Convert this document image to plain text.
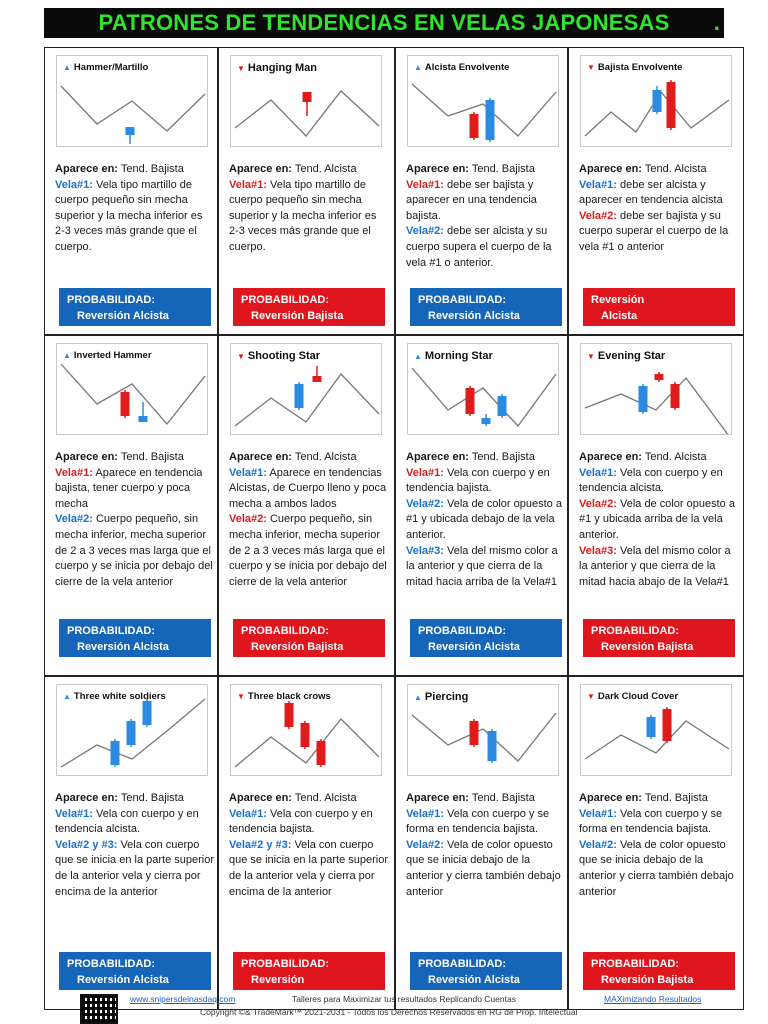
PATRONES DE TENDENCIAS EN VELAS JAPONESAS .
▲ Hammer/Martillo
Aparece en: Tend. Bajista
Vela#1: Vela tipo martillo de cuerpo pequeño sin mecha superior y la mecha inferior es 2-3 veces más grande que el cuerpo.
PROBABILIDAD:
Reversión Alcista
▼ Hanging Man
Aparece en: Tend. Alcista
Vela#1: Vela tipo martillo de cuerpo pequeño sin mecha superior y la mecha inferior es 2-3 veces más grande que el cuerpo.
PROBABILIDAD:
Reversión Bajista
▲ Alcista Envolvente
Aparece en: Tend. Bajista
Vela#1: debe ser bajista y aparecer en una tendencia bajista.
Vela#2: debe ser alcista y su cuerpo supera el cuerpo de la vela #1 o anterior.
PROBABILIDAD:
Reversión Alcista
▼ Bajista Envolvente
Aparece en: Tend. Alcista
Vela#1: debe ser alcista y aparecer en tendencia alcista
Vela#2: debe ser bajista y su cuerpo superar el cuerpo de la vela #1 o anterior
Reversión
Alcista
▲ Inverted Hammer
Aparece en: Tend. Bajista
Vela#1: Aparece en tendencia bajista, tener cuerpo y poca mecha
Vela#2: Cuerpo pequeño, sin mecha inferior, mecha superior de 2 a 3 veces mas larga que el cuerpo y se inicia por debajo del cierre de la vela anterior
PROBABILIDAD:
Reversión Alcista
▼ Shooting Star
Aparece en: Tend. Alcista
Vela#1: Aparece en tendencias Alcistas, de Cuerpo lleno y poca mecha a ambos lados
Vela#2: Cuerpo pequeño, sin mecha inferior, mecha superior de 2 a 3 veces más larga que el cuerpo y se inicia por debajo del cierre de la vela anterior
PROBABILIDAD:
Reversión Bajista
▲ Morning Star
Aparece en: Tend. Bajista
Vela#1: Vela con cuerpo y en tendencia bajista.
Vela#2: Vela de color opuesto a #1 y ubicada debajo de la vela anterior.
Vela#3: Vela del mismo color a la anterior y que cierra de la mitad hacia arriba de la Vela#1
PROBABILIDAD:
Reversión Alcista
▼ Evening Star
Aparece en: Tend. Alcista
Vela#1: Vela con cuerpo y en tendencia alcista.
Vela#2: Vela de color opuesto a #1 y ubicada arriba de la vela anterior.
Vela#3: Vela del mismo color a la anterior y que cierra de la mitad hacia abajo de la Vela#1
PROBABILIDAD:
Reversión Bajista
▲ Three white soldiers
Aparece en: Tend. Bajista
Vela#1: Vela con cuerpo y en tendencia alcista.
Vela#2 y #3: Vela con cuerpo que se inicia en la parte superior de la anterior vela y cierra por encima de la anterior
PROBABILIDAD:
Reversión Alcista
▼ Three black crows
Aparece en: Tend. Alcista
Vela#1: Vela con cuerpo y en tendencia bajista.
Vela#2 y #3: Vela con cuerpo que se inicia en la parte superior de la anterior vela y cierra por encima de la anterior
PROBABILIDAD:
Reversión
▲ Piercing
Aparece en: Tend. Bajista
Vela#1: Vela con cuerpo y se forma en tendencia bajista.
Vela#2: Vela de color opuesto que se inicia debajo de la anterior y cierra también debajo anterior
PROBABILIDAD:
Reversión Alcista
▼ Dark Cloud Cover
Aparece en: Tend. Bajista
Vela#1: Vela con cuerpo y se forma en tendencia bajista.
Vela#2: Vela de color opuesto que se inicia debajo de la anterior y cierra también debajo anterior
PROBABILIDAD:
Reversión Bajista
www.snipersdelnasdaq.com	Talleres para Maximizar tus resultados Replicando Cuentas	MAXimizando Resultados
Copyright ©& TradeMark™ 2021-2031 - Todos los Derechos Reservados en RG de Prop. Intelectual
